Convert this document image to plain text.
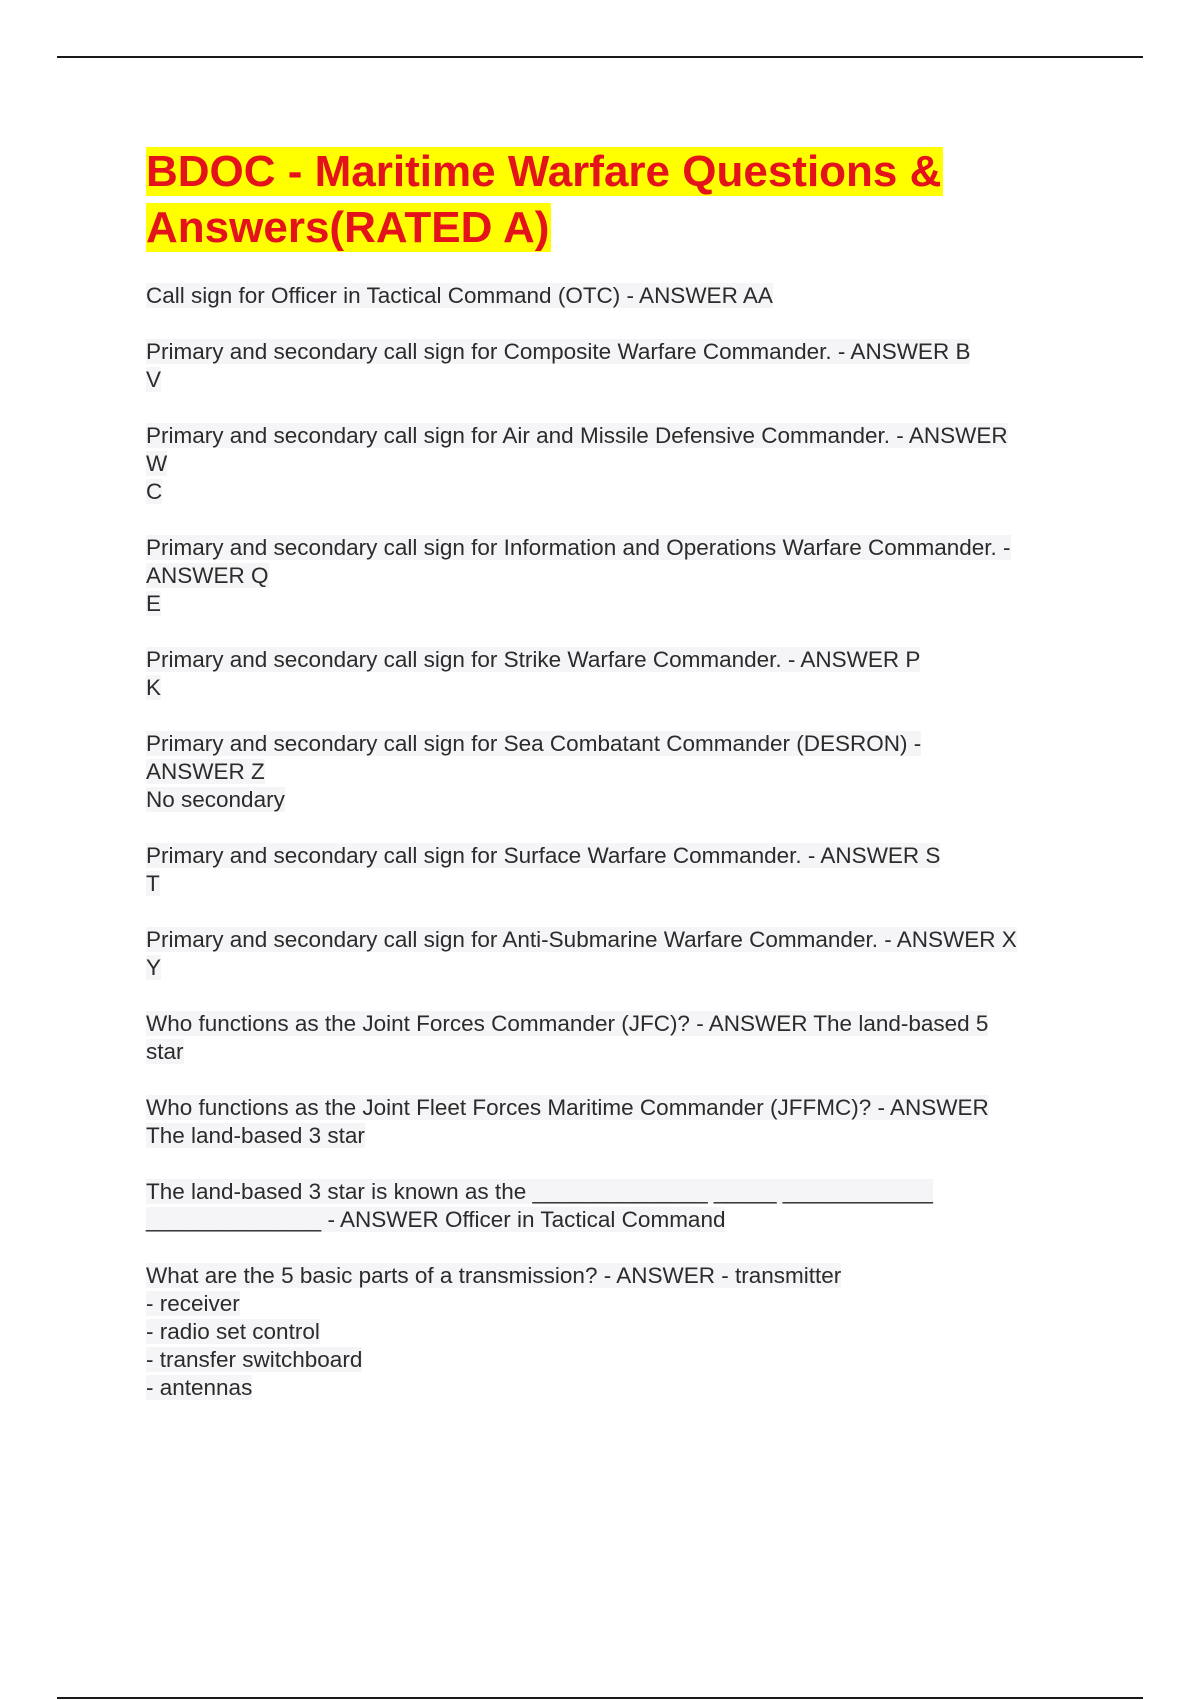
BDOC - Maritime Warfare Questions &
Answers(RATED A)
Call sign for Officer in Tactical Command (OTC) - ANSWER AA
Primary and secondary call sign for Composite Warfare Commander. - ANSWER B
V
Primary and secondary call sign for Air and Missile Defensive Commander. - ANSWER
W
C
Primary and secondary call sign for Information and Operations Warfare Commander. -
ANSWER Q
E
Primary and secondary call sign for Strike Warfare Commander. - ANSWER P
K
Primary and secondary call sign for Sea Combatant Commander (DESRON) -
ANSWER Z
No secondary
Primary and secondary call sign for Surface Warfare Commander. - ANSWER S
T
Primary and secondary call sign for Anti-Submarine Warfare Commander. - ANSWER X
Y
Who functions as the Joint Forces Commander (JFC)? - ANSWER The land-based 5
star
Who functions as the Joint Fleet Forces Maritime Commander (JFFMC)? - ANSWER
The land-based 3 star
The land-based 3 star is known as the ______________ _____ ____________
______________ - ANSWER Officer in Tactical Command
What are the 5 basic parts of a transmission? - ANSWER - transmitter
- receiver
- radio set control
- transfer switchboard
- antennas
